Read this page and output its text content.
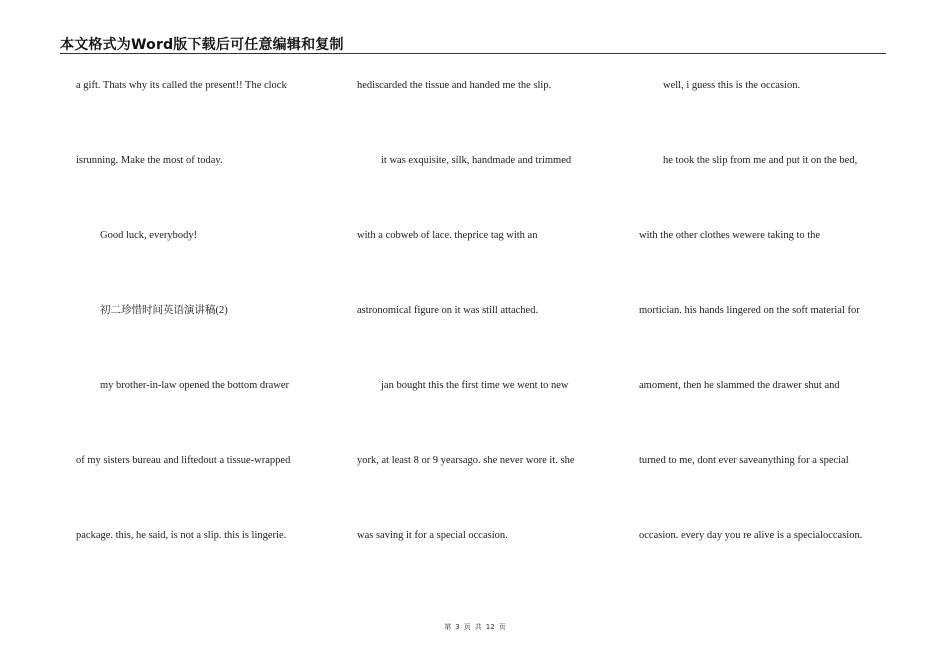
本文格式为Word版下载后可任意编辑和复制
a gift. Thats why its called the present!! The clock
isrunning. Make the most of today.
Good luck, everybody!
初二珍惜时间英语演讲稿(2)
my brother-in-law opened the bottom drawer
of my sisters bureau and liftedout a tissue-wrapped
package. this, he said, is not a slip. this is lingerie.
hediscarded the tissue and handed me the slip.
it was exquisite, silk, handmade and trimmed
with a cobweb of lace. theprice tag with an
astronomical figure on it was still attached.
jan bought this the first time we went to new
york, at least 8 or 9 yearsago. she never wore it. she
was saving it for a special occasion.
well, i guess this is the occasion.
he took the slip from me and put it on the bed,
with the other clothes wewere taking to the
mortician. his hands lingered on the soft material for
amoment, then he slammed the drawer shut and
turned to me, dont ever saveanything for a special
occasion. every day you re alive is a specialoccasion.
第 3 页 共 12 页
